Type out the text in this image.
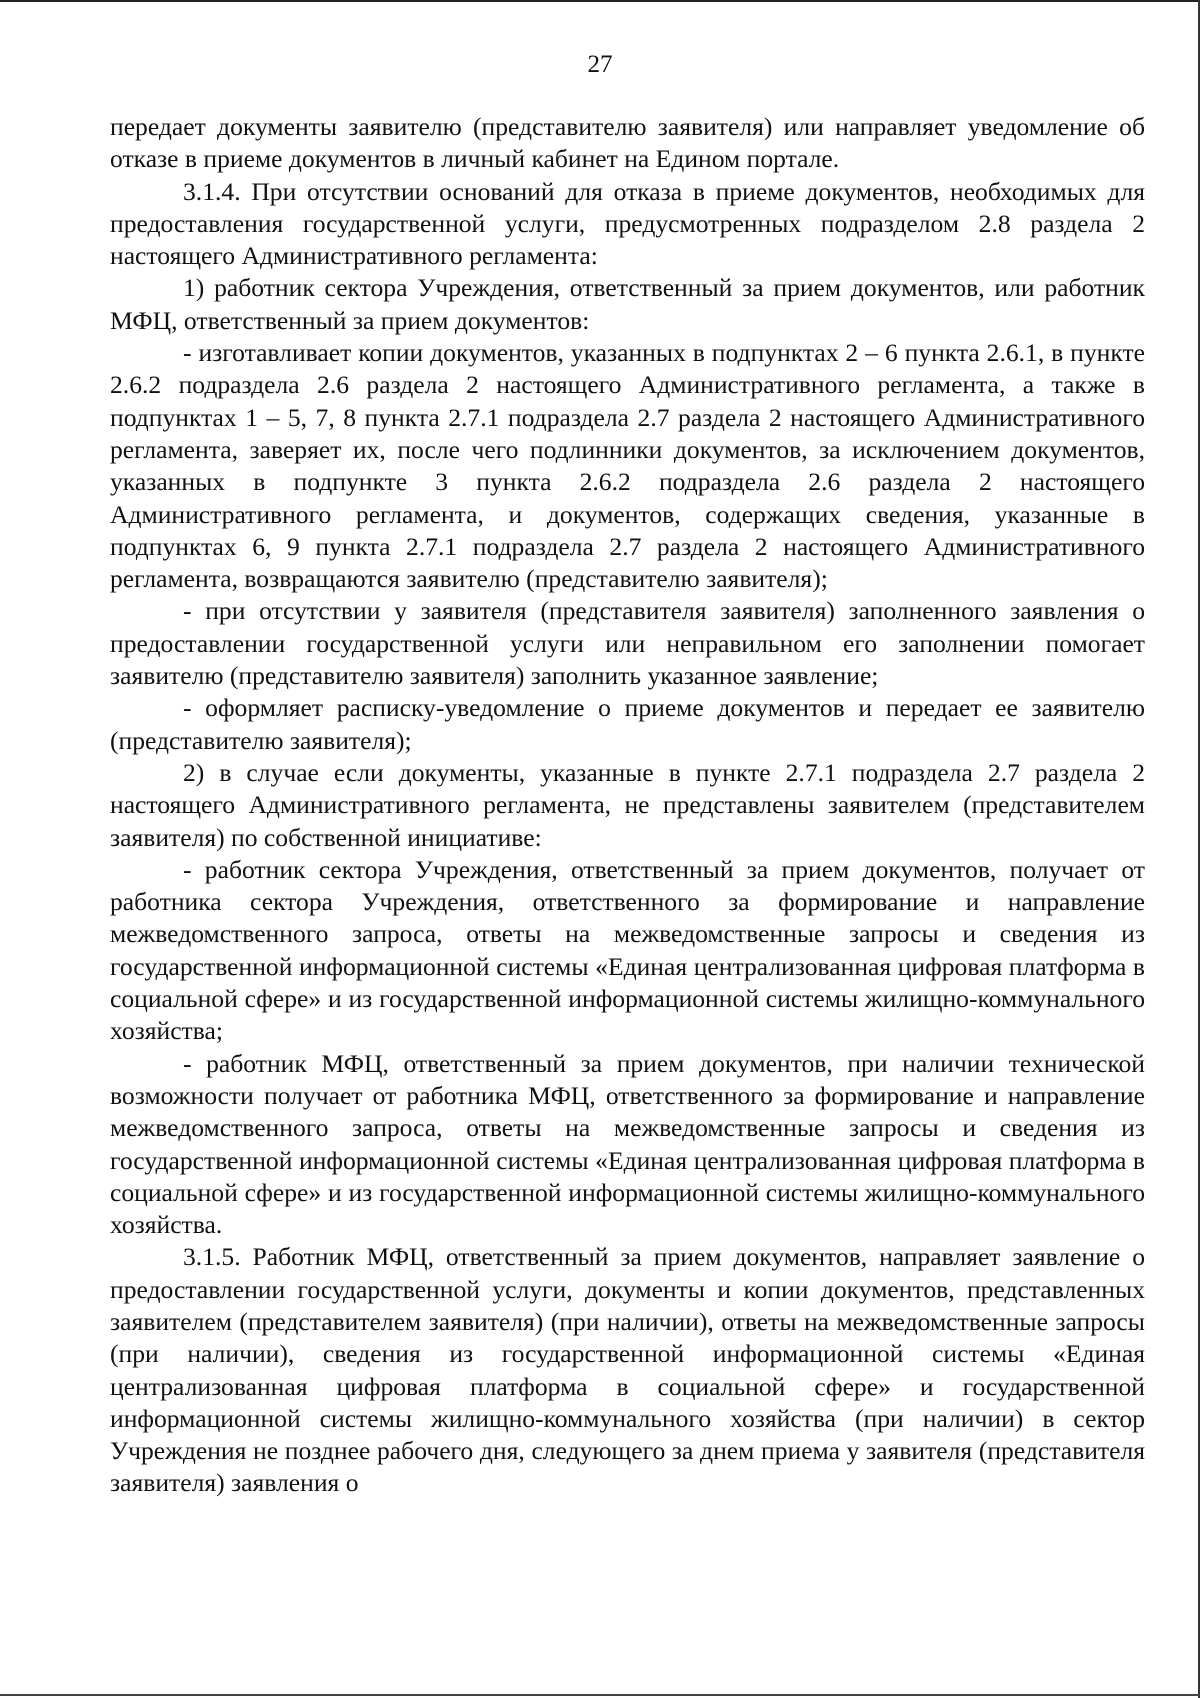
27

передает документы заявителю (представителю заявителя) или направляет уведомление об отказе в приеме документов в личный кабинет на Едином портале.

3.1.4. При отсутствии оснований для отказа в приеме документов, необходимых для предоставления государственной услуги, предусмотренных подразделом 2.8 раздела 2 настоящего Административного регламента:

1) работник сектора Учреждения, ответственный за прием документов, или работник МФЦ, ответственный за прием документов:

- изготавливает копии документов, указанных в подпунктах 2 – 6 пункта 2.6.1, в пункте 2.6.2 подраздела 2.6 раздела 2 настоящего Административного регламента, а также в подпунктах 1 – 5, 7, 8 пункта 2.7.1 подраздела 2.7 раздела 2 настоящего Административного регламента, заверяет их, после чего подлинники документов, за исключением документов, указанных в подпункте 3 пункта 2.6.2 подраздела 2.6 раздела 2 настоящего Административного регламента, и документов, содержащих сведения, указанные в подпунктах 6, 9 пункта 2.7.1 подраздела 2.7 раздела 2 настоящего Административного регламента, возвращаются заявителю (представителю заявителя);

- при отсутствии у заявителя (представителя заявителя) заполненного заявления о предоставлении государственной услуги или неправильном его заполнении помогает заявителю (представителю заявителя) заполнить указанное заявление;

- оформляет расписку-уведомление о приеме документов и передает ее заявителю (представителю заявителя);

2) в случае если документы, указанные в пункте 2.7.1 подраздела 2.7 раздела 2 настоящего Административного регламента, не представлены заявителем (представителем заявителя) по собственной инициативе:

- работник сектора Учреждения, ответственный за прием документов, получает от работника сектора Учреждения, ответственного за формирование и направление межведомственного запроса, ответы на межведомственные запросы и сведения из государственной информационной системы «Единая централизованная цифровая платформа в социальной сфере» и из государственной информационной системы жилищно-коммунального хозяйства;

- работник МФЦ, ответственный за прием документов, при наличии технической возможности получает от работника МФЦ, ответственного за формирование и направление межведомственного запроса, ответы на межведомственные запросы и сведения из государственной информационной системы «Единая централизованная цифровая платформа в социальной сфере» и из государственной информационной системы жилищно-коммунального хозяйства.

3.1.5. Работник МФЦ, ответственный за прием документов, направляет заявление о предоставлении государственной услуги, документы и копии документов, представленных заявителем (представителем заявителя) (при наличии), ответы на межведомственные запросы (при наличии), сведения из государственной информационной системы «Единая централизованная цифровая платформа в социальной сфере» и государственной информационной системы жилищно-коммунального хозяйства (при наличии) в сектор Учреждения не позднее рабочего дня, следующего за днем приема у заявителя (представителя заявителя) заявления о
